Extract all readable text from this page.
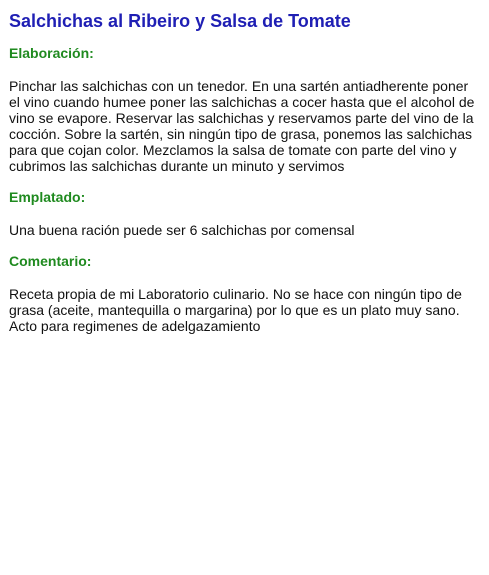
Salchichas al Ribeiro y Salsa de Tomate
Elaboración:

Pinchar las salchichas con un tenedor. En una sartén antiadherente poner el vino cuando humee poner las salchichas a cocer hasta que el alcohol de vino se evapore. Reservar las salchichas y reservamos parte del vino de la cocción. Sobre la sartén, sin ningún tipo de grasa, ponemos las salchichas para que cojan color. Mezclamos la salsa de tomate con parte del vino y cubrimos las salchichas durante un minuto y servimos

Emplatado:

Una buena ración puede ser 6 salchichas por comensal

Comentario:

Receta propia de mi Laboratorio culinario. No se hace con ningún tipo de grasa (aceite, mantequilla o margarina) por lo que es un plato muy sano. Acto para regimenes de adelgazamiento
